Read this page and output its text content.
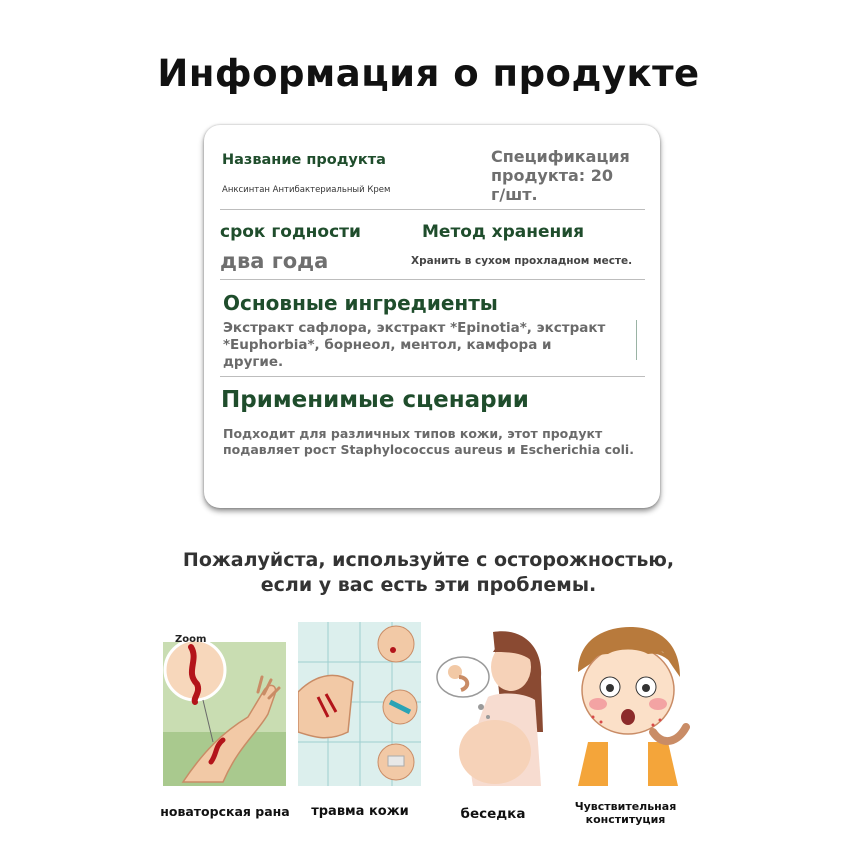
Информация о продукте

Название продукта

Анксинтан Антибактериальный Крем

Спецификация
продукта: 20
г/шт.

срок годности

два года

Метод хранения

Хранить в сухом прохладном месте.

Основные ингредиенты

Экстракт сафлора, экстракт *Epinotia*, экстракт
*Euphorbia*, борнеол, ментол, камфора и
другие.

Применимые сценарии

Подходит для различных типов кожи, этот продукт
подавляет рост Staphylococcus aureus и Escherichia coli.
Пожалуйста, используйте с осторожностью,
если у вас есть эти проблемы.
Zoom
новаторская рана	травма кожи	беседка	Чувствительная
конституция
